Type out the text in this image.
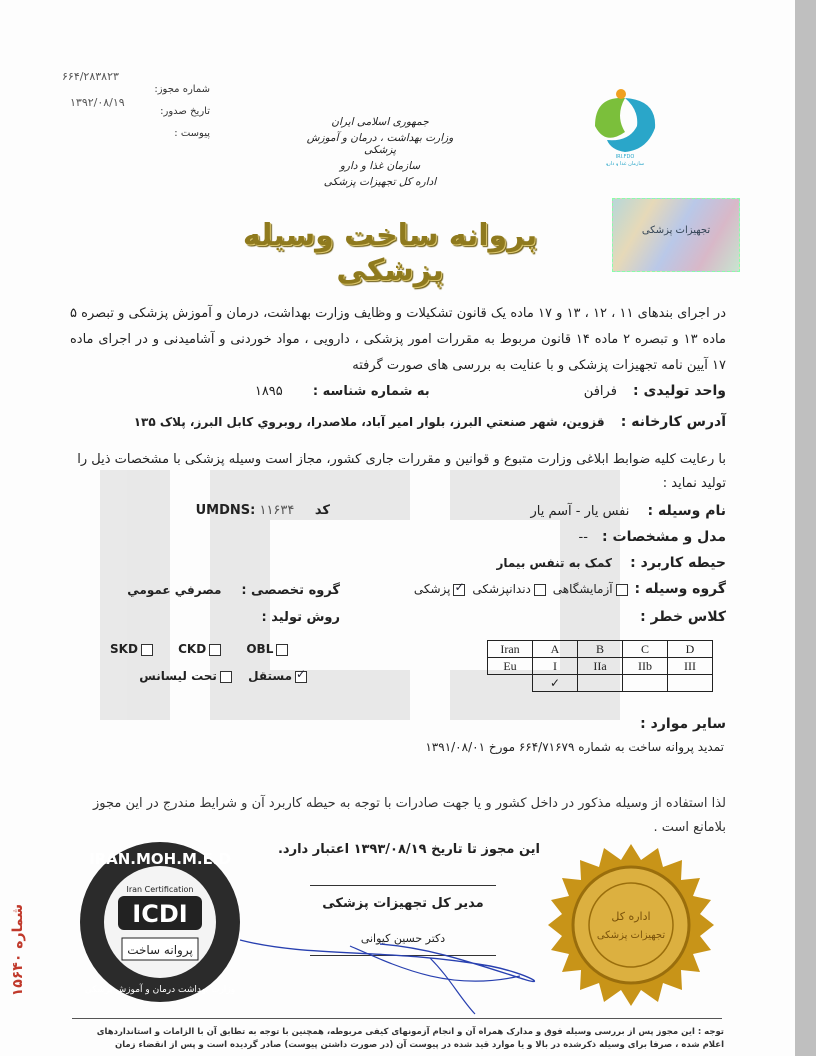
شماره مجوز:
۶۶۴/۲۸۳۸۲۳
تاریخ صدور:
۱۳۹۲/۰۸/۱۹
پیوست :
جمهوری اسلامی ایران
وزارت بهداشت ، درمان و آموزش پزشکی
سازمان غذا و دارو
اداره کل تجهیزات پزشکی
IRI.FDO
سازمان غذا و دارو
تجهیزات پزشکی
پروانه ساخت وسیله پزشکی
در اجرای بندهای ۱۱ ، ۱۲ ، ۱۳ و ۱۷ ماده یک قانون تشکیلات و وظایف وزارت بهداشت، درمان و آموزش پزشکی و تبصره ۵ ماده ۱۳ و تبصره ۲ ماده ۱۴ قانون مربوط به مقررات امور پزشکی ، دارویی ، مواد خوردنی و آشامیدنی و در اجرای ماده ۱۷ آیین نامه تجهیزات پزشکی و با عنایت به بررسی های صورت گرفته
واحد تولیدی : فرافن به شماره شناسه : ۱۸۹۵
آدرس کارخانه : قزوین، شهر صنعتي البرز، بلوار امیر آباد، ملاصدرا، روبروي كابل البرز، پلاک ۱۳۵
با رعایت کلیه ضوابط ابلاغی وزارت متبوع و قوانین و مقررات جاری کشور، مجاز است وسیله پزشکی با مشخصات ذیل را تولید نماید :
نام وسیله : نفس یار - آسم یار
کد UMDNS: ۱۱۶۳۴
مدل و مشخصات : --
حیطه کاربرد : کمک به تنفس بیمار
گروه وسیله : آزمایشگاهی دندانپزشکی ✓پزشکی
گروه تخصصی : مصرفي عمومي
کلاس خطر :
روش تولید :
SKD	CKD	OBL
✓مستقل تحت لیسانس
Iran	A	B	C	D
Eu	I	IIa	IIb	III
	✓			
سایر موارد :
تمدید پروانه ساخت به شماره ۶۶۴/۷۱۶۷۹ مورخ ۱۳۹۱/۰۸/۰۱
لذا استفاده از وسیله مذکور در داخل کشور و یا جهت صادرات با توجه به حیطه کاربرد آن و شرایط مندرج در این مجوز بلامانع است .
این مجوز تا تاریخ ۱۳۹۳/۰۸/۱۹ اعتبار دارد.
مدیر کل تجهیزات پزشکی
دکتر حسین کیوانی
IRAN.MOH.M.E.D
Iran Certification
ICDI
پروانه ساخت
وزارت بهداشت درمان و آموزش پزشکی
اداره کل
تجهیزات پزشکی
شماره ۱۵۶۴۰
توجه : این مجوز پس از بررسی وسیله فوق و مدارک همراه آن و انجام آزمونهای کیفی مربوطه، همچنین با توجه به تطابق آن با الزامات و استانداردهای اعلام شده ، صرفا برای وسیله ذکرشده در بالا و یا موارد قید شده در پیوست آن (در صورت داشتن پیوست) صادر گردیده است و پس از انقضاء زمان
